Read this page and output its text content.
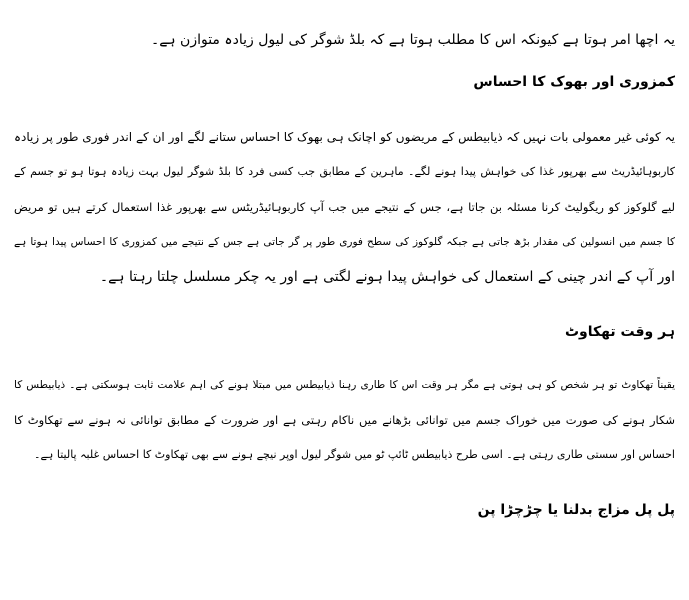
یہ اچھا امر ہوتا ہے کیونکہ اس کا مطلب ہوتا ہے کہ بلڈ شوگر کی لیول زیادہ متوازن ہے۔
کمزوری اور بھوک کا احساس
یہ کوئی غیر معمولی بات نہیں کہ ذیابیطس کے مریضوں کو اچانک ہی بھوک کا احساس ستانے لگے اور ان کے اندر فوری طور پر زیادہ
کاربوہائیڈریٹ سے بھرپور غذا کی خواہش پیدا ہونے لگے۔ ماہرین کے مطابق جب کسی فرد کا بلڈ شوگر لیول بہت زیادہ ہوتا ہو تو جسم کے
لیے گلوکوز کو ریگولیٹ کرنا مسئلہ بن جاتا ہے، جس کے نتیجے میں جب آپ کاربوہائیڈریٹس سے بھرپور غذا استعمال کرتے ہیں تو مریض
کا جسم میں انسولین کی مقدار بڑھ جاتی ہے جبکہ گلوکوز کی سطح فوری طور پر گر جاتی ہے جس کے نتیجے میں کمزوری کا احساس پیدا ہوتا ہے
اور آپ کے اندر چینی کے استعمال کی خواہش پیدا ہونے لگتی ہے اور یہ چکر مسلسل چلتا رہتا ہے۔
ہر وقت تھکاوٹ
یقیناً تھکاوٹ تو ہر شخص کو ہی ہوتی ہے مگر ہر وقت اس کا طاری رہنا ذیابیطس میں مبتلا ہونے کی اہم علامت ثابت ہوسکتی ہے۔ ذیابیطس کا
شکار ہونے کی صورت میں خوراک جسم میں توانائی بڑھانے میں ناکام رہتی ہے اور ضرورت کے مطابق توانائی نہ ہونے سے تھکاوٹ کا
احساس اور سستی طاری رہتی ہے۔ اسی طرح ذیابیطس ٹائپ ٹو میں شوگر لیول اوپر نیچے ہونے سے بھی تھکاوٹ کا احساس غلبہ پالیتا ہے۔
پل پل مزاج بدلنا یا چڑچڑا پن
